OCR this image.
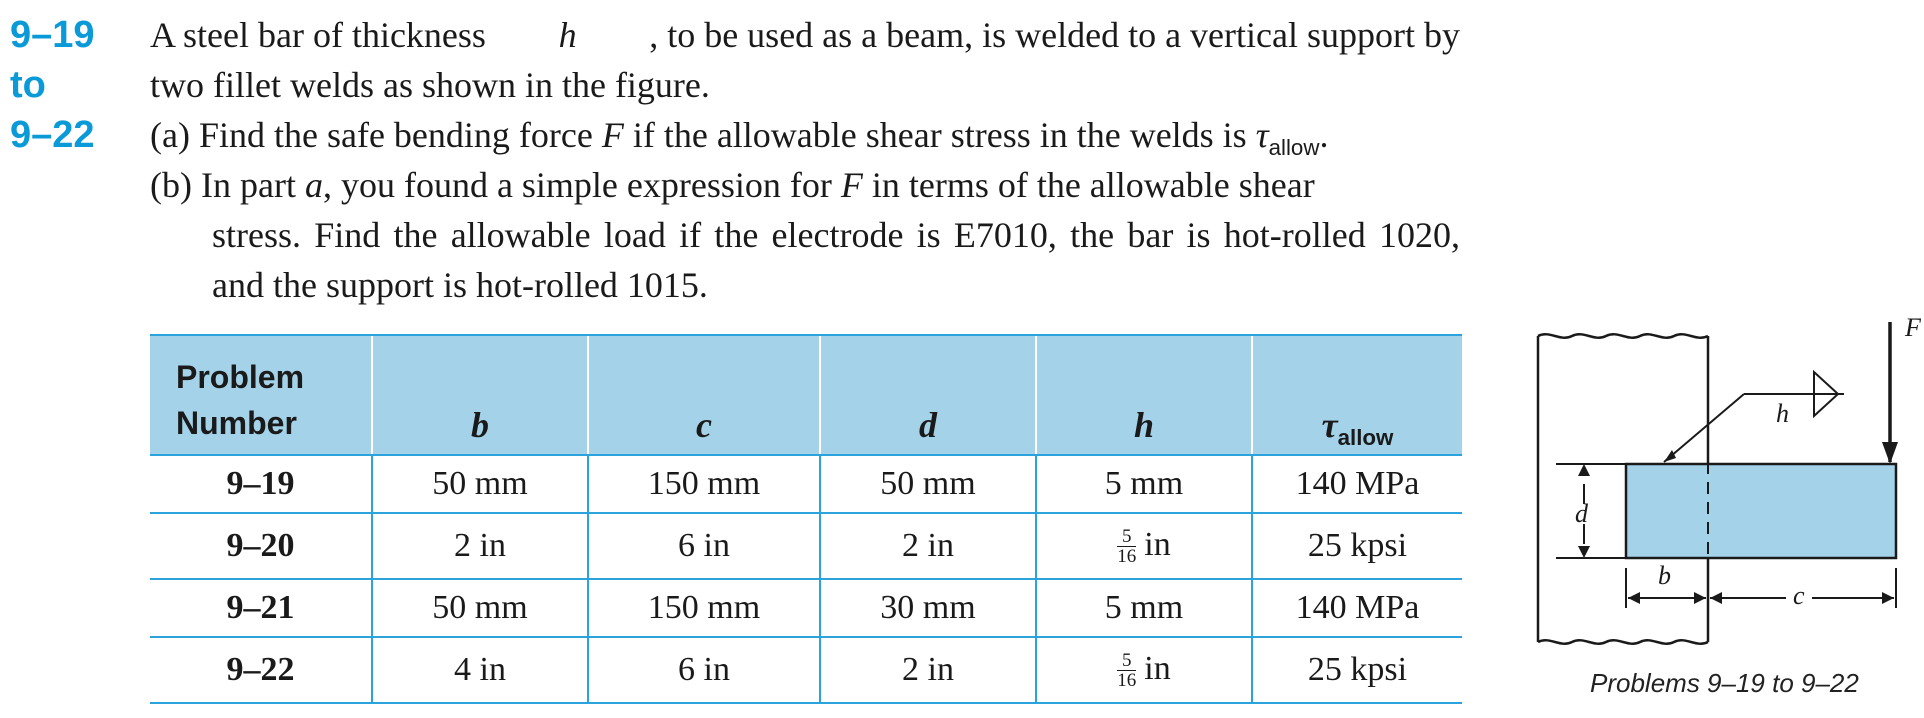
9–19
to
9–22
A steel bar of thickness h , to be used as a beam, is welded to a vertical support by
two fillet welds as shown in the figure.
(a) Find the safe bending force F if the allowable shear stress in the welds is $\tau_{allow}$.
(b) In part a, you found a simple expression for F in terms of the allowable shear
stress. Find the allowable load if the electrode is E7010, the bar is hot-rolled 1020,
and the support is hot-rolled 1015.
Problem
Number	b	c	d	h	$\tau_{allow}$
9–19	50 mm	150 mm	50 mm	5 mm	140 MPa
9–20	2 in	6 in	2 in	$\frac{5}{16}$ in	25 kpsi
9–21	50 mm	150 mm	30 mm	5 mm	140 MPa
9–22	4 in	6 in	2 in	$\frac{5}{16}$ in	25 kpsi
h
F
d
b
c
Problems 9–19 to 9–22
